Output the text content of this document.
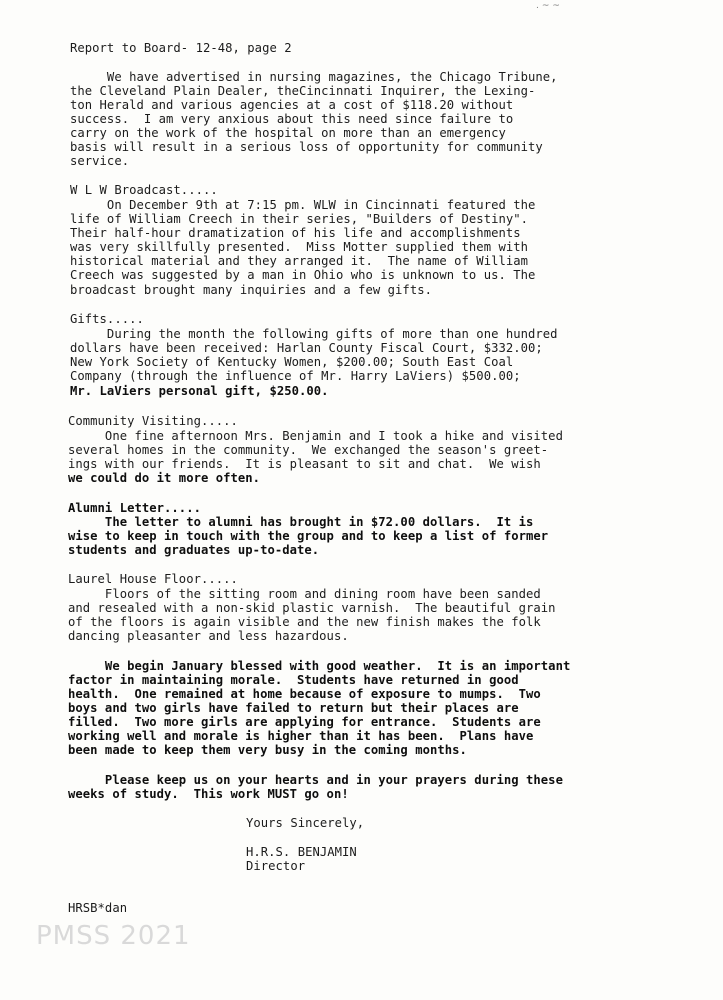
. ~ ~
Report to Board- 12-48, page 2
We have advertised in nursing magazines, the Chicago Tribune,
the Cleveland Plain Dealer, theCincinnati Inquirer, the Lexing-
ton Herald and various agencies at a cost of $118.20 without
success.  I am very anxious about this need since failure to
carry on the work of the hospital on more than an emergency
basis will result in a serious loss of opportunity for community
service.
W L W Broadcast.....
On December 9th at 7:15 pm. WLW in Cincinnati featured the
life of William Creech in their series, "Builders of Destiny".
Their half-hour dramatization of his life and accomplishments
was very skillfully presented.  Miss Motter supplied them with
historical material and they arranged it.  The name of William
Creech was suggested by a man in Ohio who is unknown to us. The
broadcast brought many inquiries and a few gifts.
Gifts.....
During the month the following gifts of more than one hundred
dollars have been received: Harlan County Fiscal Court, $332.00;
New York Society of Kentucky Women, $200.00; South East Coal
Company (through the influence of Mr. Harry LaViers) $500.00;
Mr. LaViers personal gift, $250.00.
Community Visiting.....
One fine afternoon Mrs. Benjamin and I took a hike and visited
several homes in the community.  We exchanged the season's greet-
ings with our friends.  It is pleasant to sit and chat.  We wish
we could do it more often.
Alumni Letter.....
The letter to alumni has brought in $72.00 dollars.  It is
wise to keep in touch with the group and to keep a list of former
students and graduates up-to-date.
Laurel House Floor.....
Floors of the sitting room and dining room have been sanded
and resealed with a non-skid plastic varnish.  The beautiful grain
of the floors is again visible and the new finish makes the folk
dancing pleasanter and less hazardous.
We begin January blessed with good weather.  It is an important
factor in maintaining morale.  Students have returned in good
health.  One remained at home because of exposure to mumps.  Two
boys and two girls have failed to return but their places are
filled.  Two more girls are applying for entrance.  Students are
working well and morale is higher than it has been.  Plans have
been made to keep them very busy in the coming months.
Please keep us on your hearts and in your prayers during these
weeks of study.  This work MUST go on!
Yours Sincerely,
H.R.S. BENJAMIN
Director
HRSB*dan
PMSS 2021
